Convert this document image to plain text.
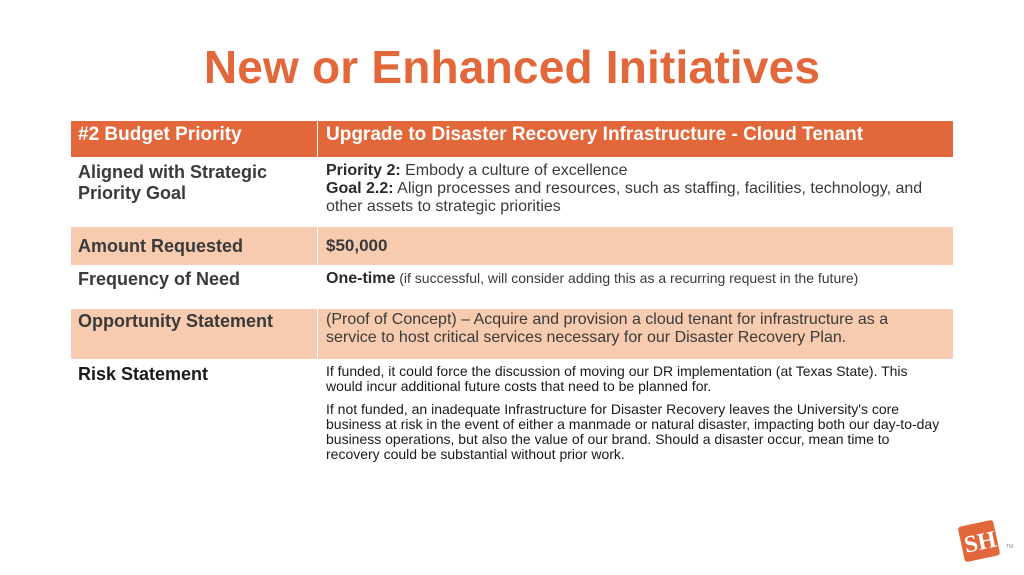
New or Enhanced Initiatives
#2 Budget Priority	Upgrade to Disaster Recovery Infrastructure - Cloud Tenant

Aligned with Strategic Priority Goal	Priority 2: Embody a culture of excellence
Goal 2.2: Align processes and resources, such as staffing, facilities, technology, and other assets to strategic priorities

Amount Requested	$50,000

Frequency of Need	One-time (if successful, will consider adding this as a recurring request in the future)

Opportunity Statement	(Proof of Concept) – Acquire and provision a cloud tenant for infrastructure as a service to host critical services necessary for our Disaster Recovery Plan.

Risk Statement	If funded, it could force the discussion of moving our DR implementation (at Texas State). This would incur additional future costs that need to be planned for.

If not funded, an inadequate Infrastructure for Disaster Recovery leaves the University's core business at risk in the event of either a manmade or natural disaster, impacting both our day-to-day business operations, but also the value of our brand. Should a disaster occur, mean time to recovery could be substantial without prior work.

SH TM
